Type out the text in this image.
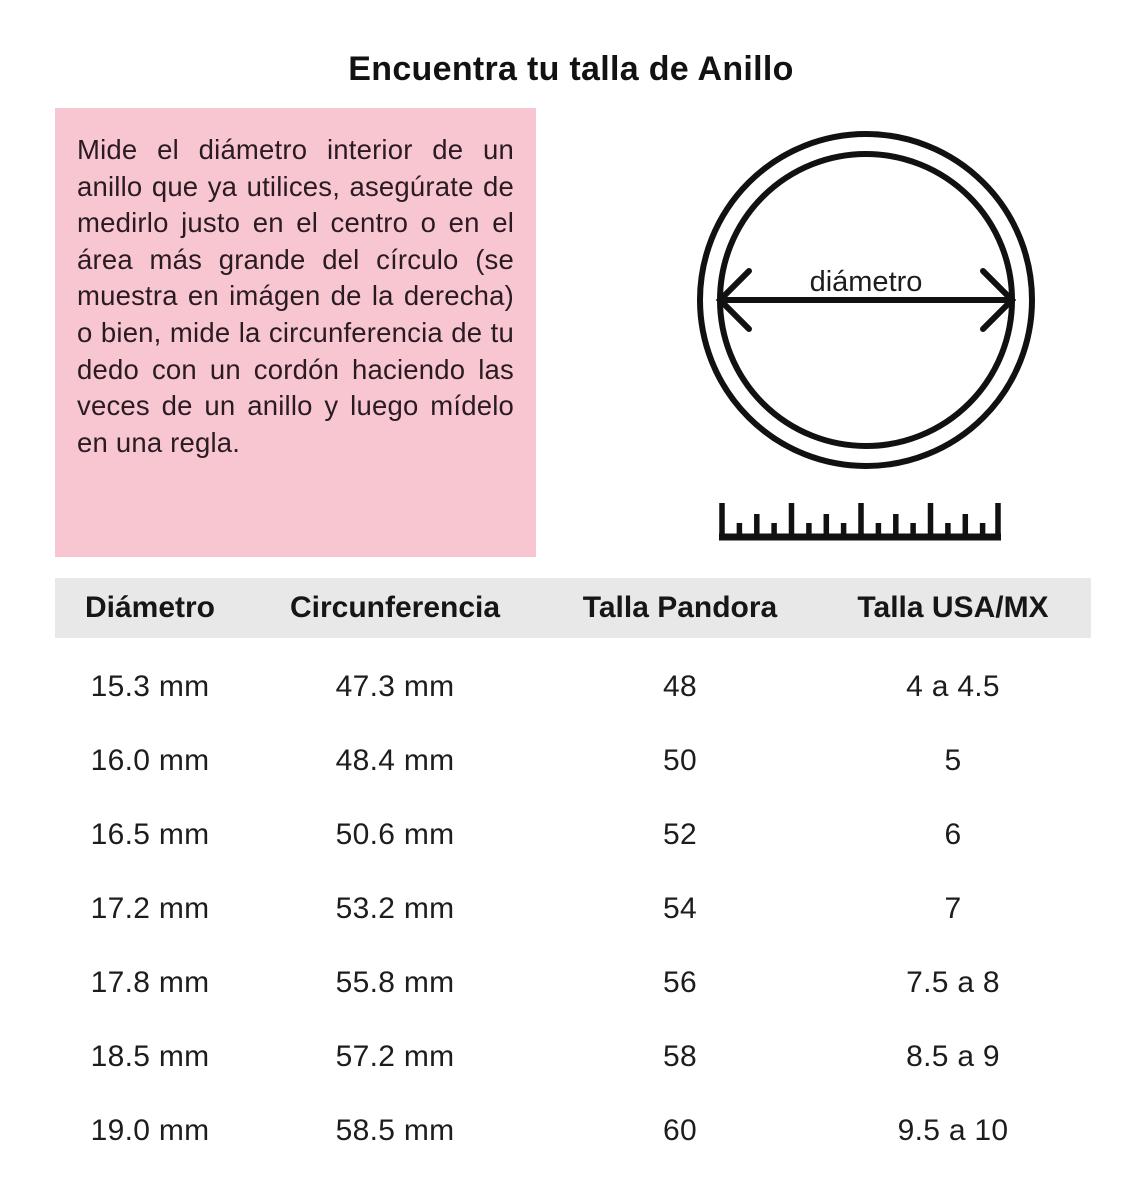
Encuentra tu talla de Anillo
Mide el diámetro interior de un anillo que ya utilices, asegúrate de medirlo justo en el centro o en el área más grande del círculo (se muestra en imágen de la derecha) o bien, mide la circunferencia de tu dedo con un cordón haciendo las veces de un anillo y luego mídelo en una regla.
diámetro
Diámetro	Circunferencia	Talla Pandora	Talla USA/MX
15.3 mm	47.3 mm	48	4 a 4.5
16.0 mm	48.4 mm	50	5
16.5 mm	50.6 mm	52	6
17.2 mm	53.2 mm	54	7
17.8 mm	55.8 mm	56	7.5 a 8
18.5 mm	57.2 mm	58	8.5 a 9
19.0 mm	58.5 mm	60	9.5 a 10
